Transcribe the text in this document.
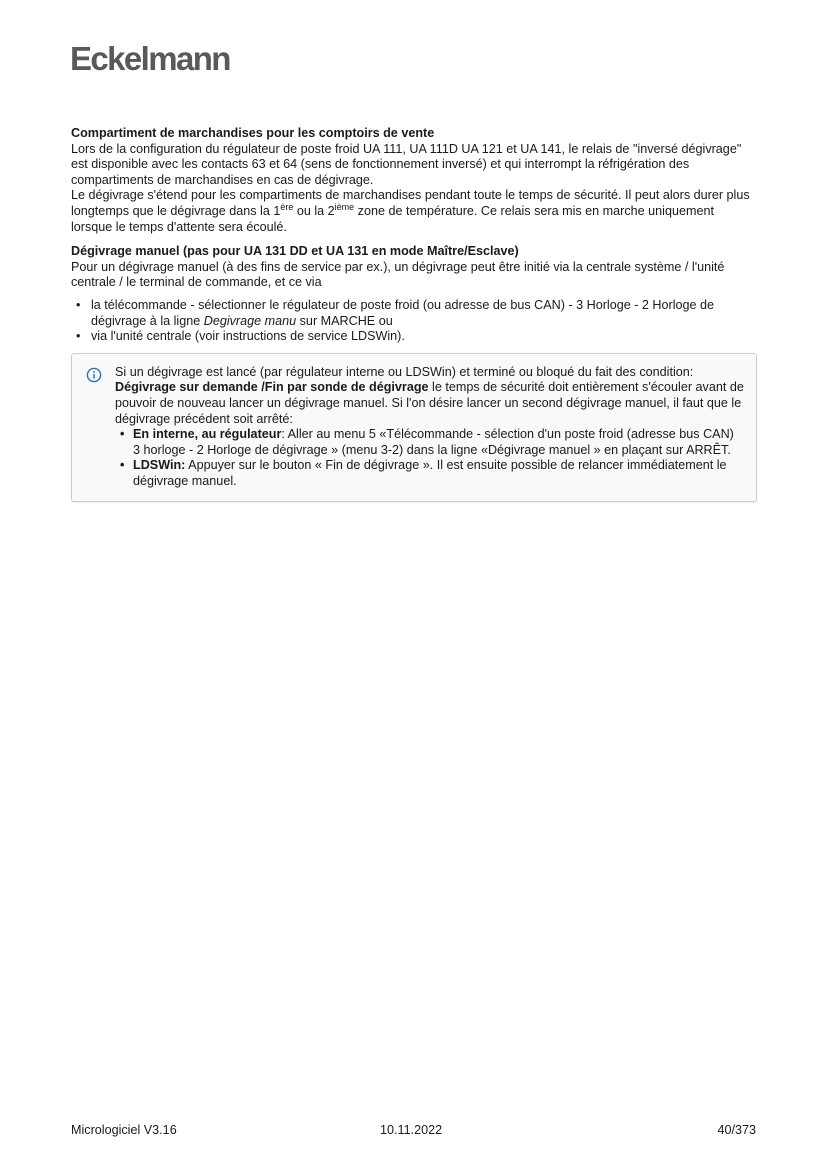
Eckelmann

Compartiment de marchandises pour les comptoirs de vente

Lors de la configuration du régulateur de poste froid UA 111, UA 111D UA 121 et UA 141, le relais de "inversé dégivrage" est disponible avec les contacts 63 et 64 (sens de fonctionnement inversé) et qui interrompt la réfrigération des compartiments de marchandises en cas de dégivrage.

Le dégivrage s'étend pour les compartiments de marchandises pendant toute le temps de sécurité. Il peut alors durer plus longtemps que le dégivrage dans la 1ère ou la 2ième zone de température. Ce relais sera mis en marche uniquement lorsque le temps d'attente sera écoulé.

Dégivrage manuel (pas pour UA 131 DD et UA 131 en mode Maître/Esclave)

Pour un dégivrage manuel (à des fins de service par ex.), un dégivrage peut être initié via la centrale système / l'unité centrale / le terminal de commande, et ce via

• la télécommande - sélectionner le régulateur de poste froid (ou adresse de bus CAN) - 3 Horloge - 2 Horloge de dégivrage à la ligne Degivrage manu sur MARCHE ou
• via l'unité centrale (voir instructions de service LDSWin).

Si un dégivrage est lancé (par régulateur interne ou LDSWin) et terminé ou bloqué du fait des condition: Dégivrage sur demande /Fin par sonde de dégivrage le temps de sécurité doit entièrement s'écouler avant de pouvoir de nouveau lancer un dégivrage manuel. Si l'on désire lancer un second dégivrage manuel, il faut que le dégivrage précédent soit arrêté:

• En interne, au régulateur: Aller au menu 5 «Télécommande - sélection d'un poste froid (adresse bus CAN) 3 horloge - 2 Horloge de dégivrage » (menu 3-2) dans la ligne «Dégivrage manuel » en plaçant sur ARRÊT.
• LDSWin: Appuyer sur le bouton « Fin de dégivrage ». Il est ensuite possible de relancer immédiatement le dégivrage manuel.
Micrologiciel V3.16	10.11.2022	40/373
